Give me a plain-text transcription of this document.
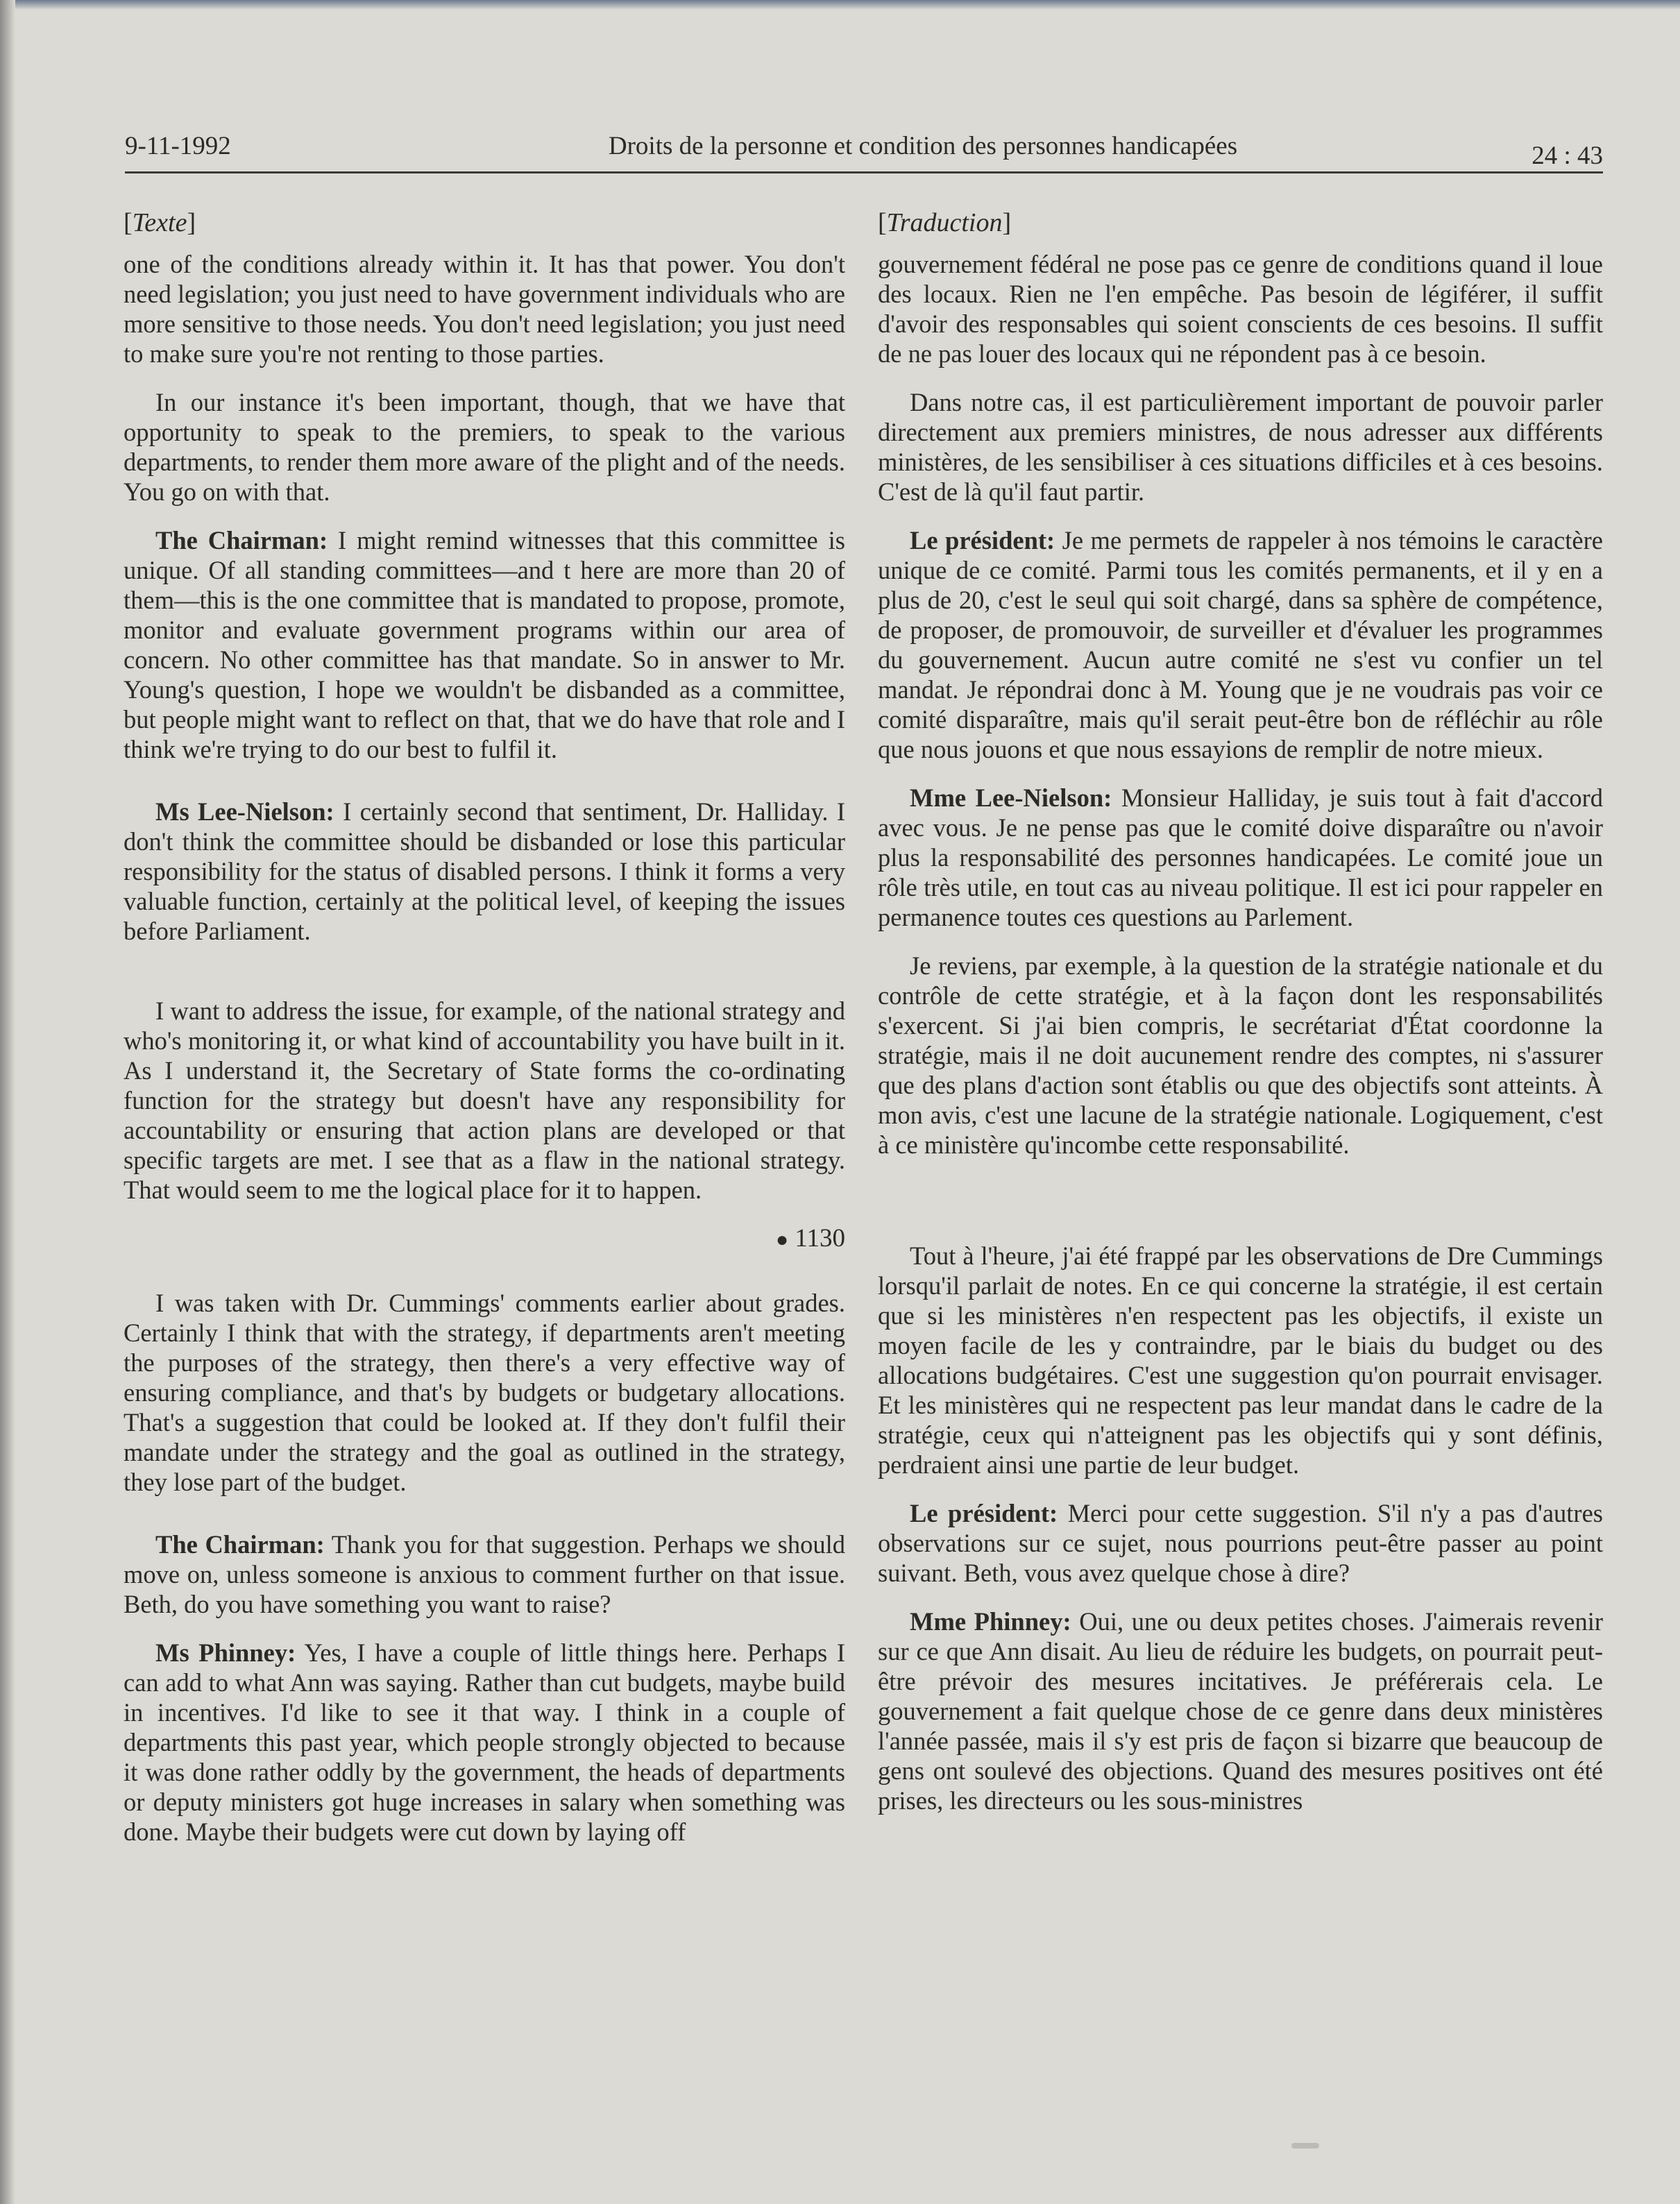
9-11-1992	Droits de la personne et condition des personnes handicapées	24 : 43
[Texte]

one of the conditions already within it. It has that power. You don't need legislation; you just need to have government individuals who are more sensitive to those needs. You don't need legislation; you just need to make sure you're not renting to those parties.

In our instance it's been important, though, that we have that opportunity to speak to the premiers, to speak to the various departments, to render them more aware of the plight and of the needs. You go on with that.

The Chairman: I might remind witnesses that this committee is unique. Of all standing committees—and t here are more than 20 of them—this is the one committee that is mandated to propose, promote, monitor and evaluate government programs within our area of concern. No other committee has that mandate. So in answer to Mr. Young's question, I hope we wouldn't be disbanded as a committee, but people might want to reflect on that, that we do have that role and I think we're trying to do our best to fulfil it.

Ms Lee-Nielson: I certainly second that sentiment, Dr. Halliday. I don't think the committee should be disbanded or lose this particular responsibility for the status of disabled persons. I think it forms a very valuable function, certainly at the political level, of keeping the issues before Parliament.

I want to address the issue, for example, of the national strategy and who's monitoring it, or what kind of accountability you have built in it. As I understand it, the Secretary of State forms the co-ordinating function for the strategy but doesn't have any responsibility for accountability or ensuring that action plans are developed or that specific targets are met. I see that as a flaw in the national strategy. That would seem to me the logical place for it to happen.

● 1130

I was taken with Dr. Cummings' comments earlier about grades. Certainly I think that with the strategy, if departments aren't meeting the purposes of the strategy, then there's a very effective way of ensuring compliance, and that's by budgets or budgetary allocations. That's a suggestion that could be looked at. If they don't fulfil their mandate under the strategy and the goal as outlined in the strategy, they lose part of the budget.

The Chairman: Thank you for that suggestion. Perhaps we should move on, unless someone is anxious to comment further on that issue. Beth, do you have something you want to raise?

Ms Phinney: Yes, I have a couple of little things here. Perhaps I can add to what Ann was saying. Rather than cut budgets, maybe build in incentives. I'd like to see it that way. I think in a couple of departments this past year, which people strongly objected to because it was done rather oddly by the government, the heads of departments or deputy ministers got huge increases in salary when something was done. Maybe their budgets were cut down by laying off

[Traduction]

gouvernement fédéral ne pose pas ce genre de conditions quand il loue des locaux. Rien ne l'en empêche. Pas besoin de légiférer, il suffit d'avoir des responsables qui soient conscients de ces besoins. Il suffit de ne pas louer des locaux qui ne répondent pas à ce besoin.

Dans notre cas, il est particulièrement important de pouvoir parler directement aux premiers ministres, de nous adresser aux différents ministères, de les sensibiliser à ces situations difficiles et à ces besoins. C'est de là qu'il faut partir.

Le président: Je me permets de rappeler à nos témoins le caractère unique de ce comité. Parmi tous les comités permanents, et il y en a plus de 20, c'est le seul qui soit chargé, dans sa sphère de compétence, de proposer, de promouvoir, de surveiller et d'évaluer les programmes du gouvernement. Aucun autre comité ne s'est vu confier un tel mandat. Je répondrai donc à M. Young que je ne voudrais pas voir ce comité disparaître, mais qu'il serait peut-être bon de réfléchir au rôle que nous jouons et que nous essayions de remplir de notre mieux.

Mme Lee-Nielson: Monsieur Halliday, je suis tout à fait d'accord avec vous. Je ne pense pas que le comité doive disparaître ou n'avoir plus la responsabilité des personnes handicapées. Le comité joue un rôle très utile, en tout cas au niveau politique. Il est ici pour rappeler en permanence toutes ces questions au Parlement.

Je reviens, par exemple, à la question de la stratégie nationale et du contrôle de cette stratégie, et à la façon dont les responsabilités s'exercent. Si j'ai bien compris, le secrétariat d'État coordonne la stratégie, mais il ne doit aucunement rendre des comptes, ni s'assurer que des plans d'action sont établis ou que des objectifs sont atteints. À mon avis, c'est une lacune de la stratégie nationale. Logiquement, c'est à ce ministère qu'incombe cette responsabilité.

Tout à l'heure, j'ai été frappé par les observations de Dre Cummings lorsqu'il parlait de notes. En ce qui concerne la stratégie, il est certain que si les ministères n'en respectent pas les objectifs, il existe un moyen facile de les y contraindre, par le biais du budget ou des allocations budgétaires. C'est une suggestion qu'on pourrait envisager. Et les ministères qui ne respectent pas leur mandat dans le cadre de la stratégie, ceux qui n'atteignent pas les objectifs qui y sont définis, perdraient ainsi une partie de leur budget.

Le président: Merci pour cette suggestion. S'il n'y a pas d'autres observations sur ce sujet, nous pourrions peut-être passer au point suivant. Beth, vous avez quelque chose à dire?

Mme Phinney: Oui, une ou deux petites choses. J'aimerais revenir sur ce que Ann disait. Au lieu de réduire les budgets, on pourrait peut-être prévoir des mesures incitatives. Je préférerais cela. Le gouvernement a fait quelque chose de ce genre dans deux ministères l'année passée, mais il s'y est pris de façon si bizarre que beaucoup de gens ont soulevé des objections. Quand des mesures positives ont été prises, les directeurs ou les sous-ministres
